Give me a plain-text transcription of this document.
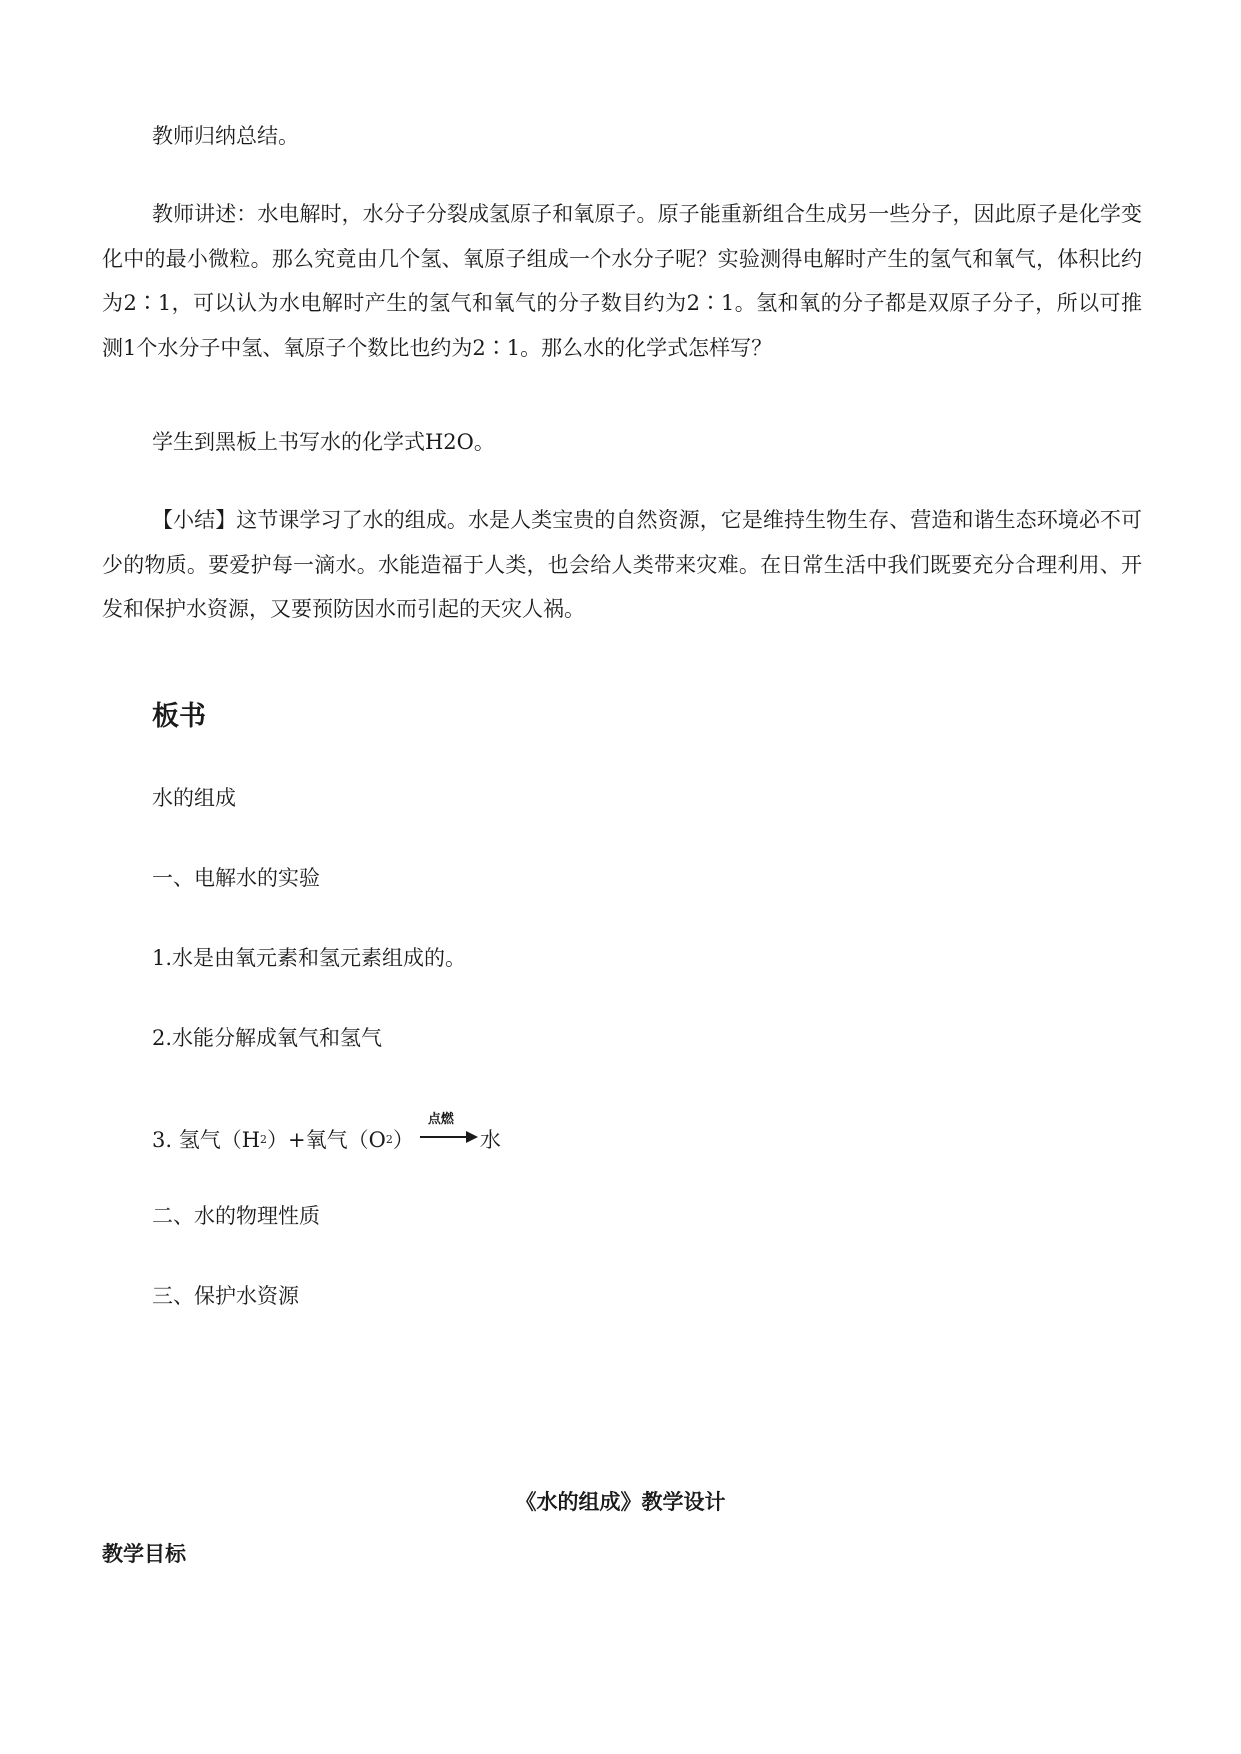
教师归纳总结。

教师讲述：水电解时，水分子分裂成氢原子和氧原子。原子能重新组合生成另一些分子，因此原子是化学变化中的最小微粒。那么究竟由几个氢、氧原子组成一个水分子呢？实验测得电解时产生的氢气和氧气，体积比约为2∶1，可以认为水电解时产生的氢气和氧气的分子数目约为2∶1。氢和氧的分子都是双原子分子，所以可推测1个水分子中氢、氧原子个数比也约为2∶1。那么水的化学式怎样写？

学生到黑板上书写水的化学式H2O。

【小结】这节课学习了水的组成。水是人类宝贵的自然资源，它是维持生物生存、营造和谐生态环境必不可少的物质。要爱护每一滴水。水能造福于人类，也会给人类带来灾难。在日常生活中我们既要充分合理利用、开发和保护水资源，又要预防因水而引起的天灾人祸。

板书

水的组成

一、电解水的实验

1.水是由氧元素和氢元素组成的。

2.水能分解成氧气和氢气

3. 氢气（H 2 ）+氧气（O 2 ）
点燃
水

二、水的物理性质

三、保护水资源

《水的组成》教学设计

教学目标
